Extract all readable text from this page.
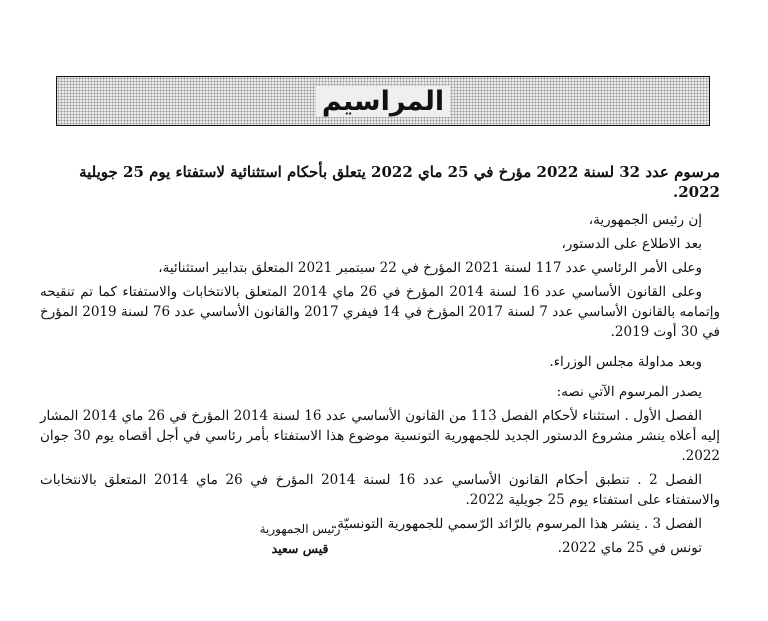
المراسيم
مرسوم عدد 32 لسنة 2022 مؤرخ في 25 ماي 2022 يتعلق بأحكام استثنائية لاستفتاء يوم 25 جويلية 2022.

إن رئيس الجمهورية،

بعد الاطلاع على الدستور،

وعلى الأمر الرئاسي عدد 117 لسنة 2021 المؤرخ في 22 سبتمبر 2021 المتعلق بتدابير استثنائية،

وعلى القانون الأساسي عدد 16 لسنة 2014 المؤرخ في 26 ماي 2014 المتعلق بالانتخابات والاستفتاء كما تم تنقيحه وإتمامه بالقانون الأساسي عدد 7 لسنة 2017 المؤرخ في 14 فيفري 2017 والقانون الأساسي عدد 76 لسنة 2019 المؤرخ في 30 أوت 2019.

وبعد مداولة مجلس الوزراء.

يصدر المرسوم الآتي نصه:

الفصل الأول . استثناء لأحكام الفصل 113 من القانون الأساسي عدد 16 لسنة 2014 المؤرخ في 26 ماي 2014 المشار إليه أعلاه ينشر مشروع الدستور الجديد للجمهورية التونسية موضوع هذا الاستفتاء بأمر رئاسي في أجل أقصاه يوم 30 جوان 2022.

الفصل 2 . تنطبق أحكام القانون الأساسي عدد 16 لسنة 2014 المؤرخ في 26 ماي 2014 المتعلق بالانتخابات والاستفتاء على استفتاء يوم 25 جويلية 2022.

الفصل 3 . ينشر هذا المرسوم بالرّائد الرّسمي للجمهورية التونسيّة.

تونس في 25 ماي 2022.

رئيس الجمهورية
قيس سعيد
